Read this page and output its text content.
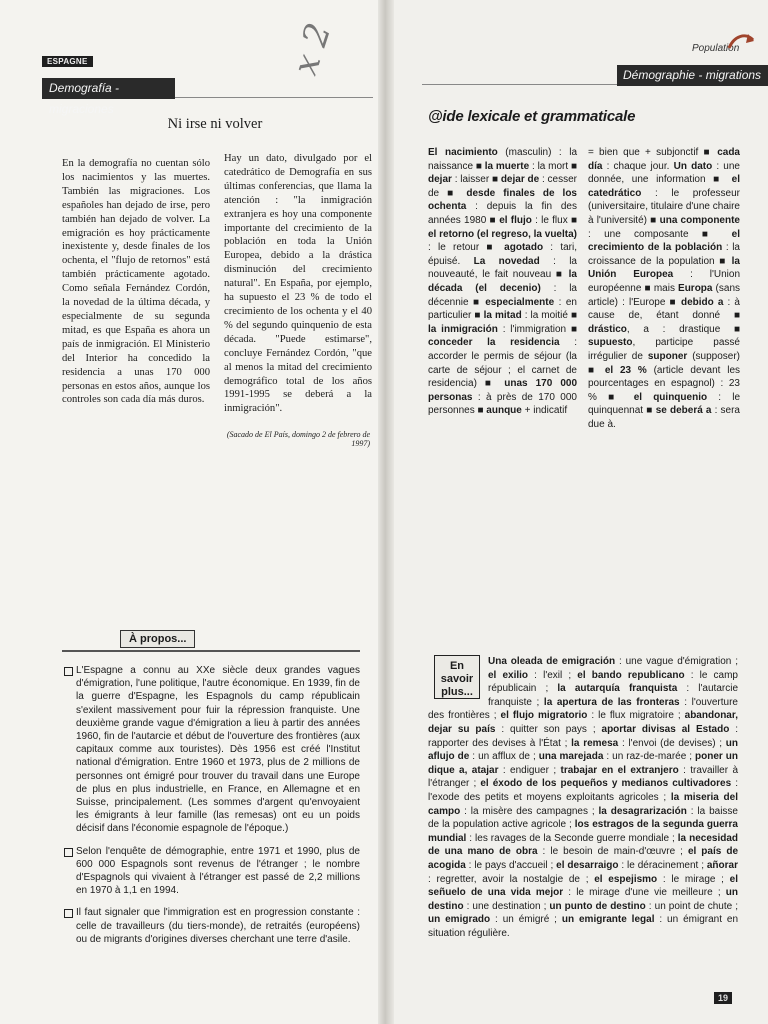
ESPAGNE
Demografía - migraciones
x 2
Ni irse ni volver
En la demografía no cuentan sólo los nacimientos y las muertes. También las migraciones. Los españoles han dejado de irse, pero también han dejado de volver. La emigración es hoy prácticamente inexistente y, desde finales de los ochenta, el "flujo de retornos" está también prácticamente agotado. Como señala Fernández Cordón, la novedad de la última década, y especialmente de su segunda mitad, es que España es ahora un país de inmigración. El Ministerio del Interior ha concedido la residencia a unas 170 000 personas en estos años, aunque los controles son cada día más duros.
Hay un dato, divulgado por el catedrático de Demografía en sus últimas conferencias, que llama la atención : "la inmigración extranjera es hoy una componente importante del crecimiento de la población en toda la Unión Europea, debido a la drástica disminución del crecimiento natural". En España, por ejemplo, ha supuesto el 23 % de todo el crecimiento de los ochenta y el 40 % del segundo quinquenio de esta década. "Puede estimarse", concluye Fernández Cordón, "que al menos la mitad del crecimiento demográfico total de los años 1991-1995 se deberá a la inmigración".
(Sacado de El País, domingo 2 de febrero de 1997)
À propos...

L'Espagne a connu au XXe siècle deux grandes vagues d'émigration, l'une politique, l'autre économique. En 1939, fin de la guerre d'Espagne, les Espagnols du camp républicain s'exilent massivement pour fuir la répression franquiste. Une deuxième grande vague d'émigration a lieu à partir des années 1960, fin de l'autarcie et début de l'ouverture des frontières (aux capitaux comme aux touristes). Dès 1956 est créé l'Institut national d'émigration. Entre 1960 et 1973, plus de 2 millions de personnes ont émigré pour trouver du travail dans une Europe de plus en plus industrielle, en France, en Allemagne et en Suisse, principalement. (Les sommes d'argent qu'envoyaient les émigrants à leur famille (las remesas) ont eu un poids décisif dans l'économie espagnole de l'époque.)

Selon l'enquête de démographie, entre 1971 et 1990, plus de 600 000 Espagnols sont revenus de l'étranger ; le nombre d'Espagnols qui vivaient à l'étranger est passé de 2,2 millions en 1970 à 1,1 en 1994.

Il faut signaler que l'immigration est en progression constante : celle de travailleurs (du tiers-monde), de retraités (européens) ou de migrants d'origines diverses cherchant une terre d'asile.

Population
Démographie - migrations
@ide lexicale et grammaticale
El nacimiento (masculin) : la naissance ■ la muerte : la mort ■ dejar : laisser ■ dejar de : cesser de ■ desde finales de los ochenta : depuis la fin des années 1980 ■ el flujo : le flux ■ el retorno (el regreso, la vuelta) : le retour ■ agotado : tari, épuisé. La novedad : la nouveauté, le fait nouveau ■ la década (el decenio) : la décennie ■ especialmente : en particulier ■ la mitad : la moitié ■ la inmigración : l'immigration ■ conceder la residencia : accorder le permis de séjour (la carte de séjour ; el carnet de residencia) ■ unas 170 000 personas : à près de 170 000 personnes ■ aunque + indicatif
= bien que + subjonctif ■ cada día : chaque jour. Un dato : une donnée, une information ■ el catedrático : le professeur (universitaire, titulaire d'une chaire à l'université) ■ una componente : une composante ■ el crecimiento de la población : la croissance de la population ■ la Unión Europea : l'Union européenne ■ mais Europa (sans article) : l'Europe ■ debido a : à cause de, étant donné ■ drástico, a : drastique ■ supuesto, participe passé irrégulier de suponer (supposer) ■ el 23 % (article devant les pourcentages en espagnol) : 23 % ■ el quinquenio : le quinquennat ■ se deberá a : sera due à.
Una oleada de emigración : une vague d'émigration ; el exilio : l'exil ; el bando republicano : le camp républicain ; la autarquía franquista : l'autarcie franquiste ; la apertura de las fronteras : l'ouverture des frontières ; el flujo migratorio : le flux migratoire ; abandonar, dejar su país : quitter son pays ; aportar divisas al Estado : rapporter des devises à l'État ; la remesa : l'envoi (de devises) ; un aflujo de : un afflux de ; una marejada : un raz-de-marée ; poner un dique a, atajar : endiguer ; trabajar en el extranjero : travailler à l'étranger ; el éxodo de los pequeños y medianos cultivadores : l'exode des petits et moyens exploitants agricoles ; la miseria del campo : la misère des campagnes ; la desagrarización : la baisse de la population active agricole ; los estragos de la segunda guerra mundial : les ravages de la Seconde guerre mondiale ; la necesidad de una mano de obra : le besoin de main-d'œuvre ; el país de acogida : le pays d'accueil ; el desarraigo : le déracinement ; añorar : regretter, avoir la nostalgie de ; el espejismo : le mirage ; el señuelo de una vida mejor : le mirage d'une vie meilleure ; un destino : une destination ; un punto de destino : un point de chute ; un emigrado : un émigré ; un emigrante legal : un émigrant en situation régulière.
En savoir plus...
19
